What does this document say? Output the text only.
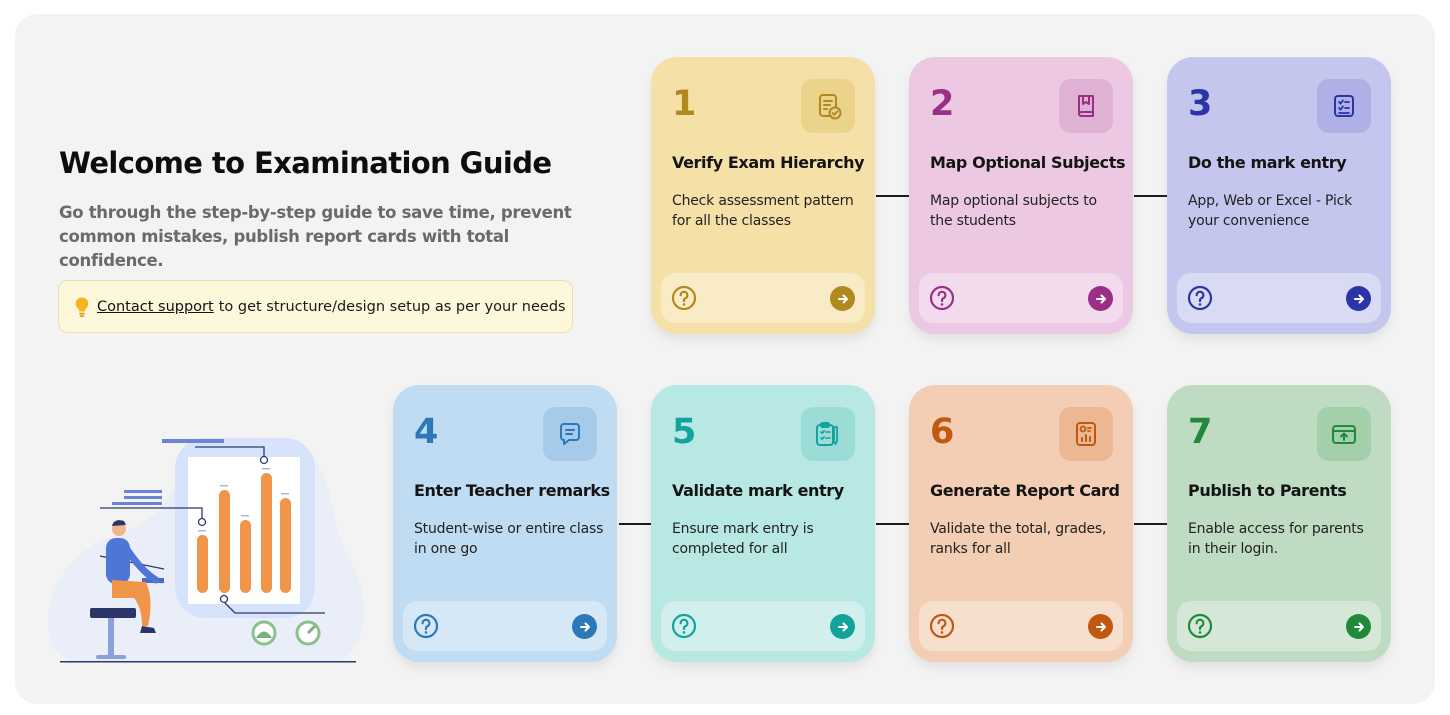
Welcome to Examination Guide

Go through the step-by-step guide to save time, prevent common mistakes, publish report cards with total confidence.

Contact support to get structure/design setup as per your needs
1
Verify Exam Hierarchy
Check assessment pattern for all the classes
2
Map Optional Subjects
Map optional subjects to the students
3
Do the mark entry
App, Web or Excel - Pick your convenience
4
Enter Teacher remarks
Student-wise or entire class in one go
5
Validate mark entry
Ensure mark entry is completed for all
6
Generate Report Card
Validate the total, grades, ranks for all
7
Publish to Parents
Enable access for parents in their login.
